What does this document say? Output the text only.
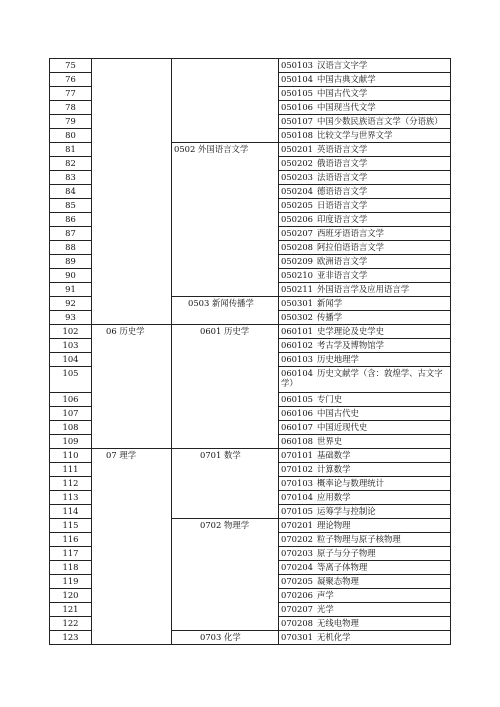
75			050103 汉语言文字学
76			050104 中国古典文献学
77			050105 中国古代文学
78			050106 中国现当代文学
79			050107 中国少数民族语言文学（分语族）
80			050108 比较文学与世界文学
81		0502 外国语言文学	050201 英语语言文学
82			050202 俄语语言文学
83			050203 法语语言文学
84			050204 德语语言文学
85			050205 日语语言文学
86			050206 印度语言文学
87			050207 西班牙语语言文学
88			050208 阿拉伯语语言文学
89			050209 欧洲语言文学
90			050210 亚非语言文学
91			050211 外国语言学及应用语言学
92		0503 新闻传播学	050301 新闻学
93			050302 传播学
102	06 历史学	0601 历史学	060101 史学理论及史学史
103			060102 考古学及博物馆学
104			060103 历史地理学
105			060104 历史文献学（含：敦煌学、古文字学）
106			060105 专门史
107			060106 中国古代史
108			060107 中国近现代史
109			060108 世界史
110	07 理学	0701 数学	070101 基础数学
111			070102 计算数学
112			070103 概率论与数理统计
113			070104 应用数学
114			070105 运筹学与控制论
115		0702 物理学	070201 理论物理
116			070202 粒子物理与原子核物理
117			070203 原子与分子物理
118			070204 等离子体物理
119			070205 凝聚态物理
120			070206 声学
121			070207 光学
122			070208 无线电物理
123		0703 化学	070301 无机化学
